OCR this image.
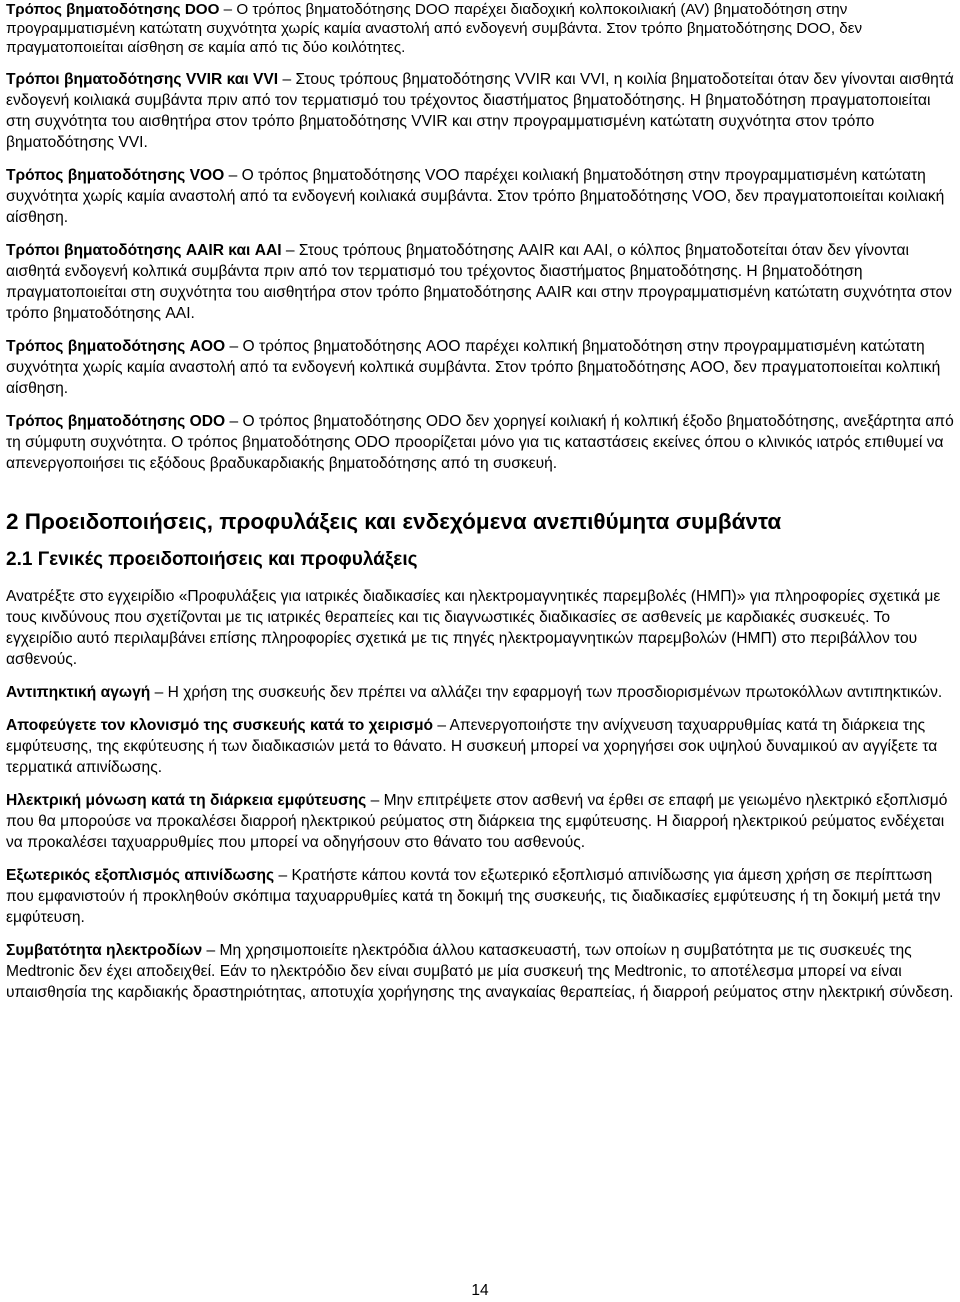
Τρόπος βηματοδότησης DOO – Ο τρόπος βηματοδότησης DOO παρέχει διαδοχική κολποκοιλιακή (AV) βηματοδότηση στην προγραμματισμένη κατώτατη συχνότητα χωρίς καμία αναστολή από ενδογενή συμβάντα. Στον τρόπο βηματοδότησης DOO, δεν πραγματοποιείται αίσθηση σε καμία από τις δύο κοιλότητες.

Τρόποι βηματοδότησης VVIR και VVI – Στους τρόπους βηματοδότησης VVIR και VVI, η κοιλία βηματοδοτείται όταν δεν γίνονται αισθητά ενδογενή κοιλιακά συμβάντα πριν από τον τερματισμό του τρέχοντος διαστήματος βηματοδότησης. Η βηματοδότηση πραγματοποιείται στη συχνότητα του αισθητήρα στον τρόπο βηματοδότησης VVIR και στην προγραμματισμένη κατώτατη συχνότητα στον τρόπο βηματοδότησης VVI.

Τρόπος βηματοδότησης VOO – Ο τρόπος βηματοδότησης VOO παρέχει κοιλιακή βηματοδότηση στην προγραμματισμένη κατώτατη συχνότητα χωρίς καμία αναστολή από τα ενδογενή κοιλιακά συμβάντα. Στον τρόπο βηματοδότησης VOO, δεν πραγματοποιείται κοιλιακή αίσθηση.

Τρόποι βηματοδότησης AAIR και AAI – Στους τρόπους βηματοδότησης AAIR και AAI, ο κόλπος βηματοδοτείται όταν δεν γίνονται αισθητά ενδογενή κολπικά συμβάντα πριν από τον τερματισμό του τρέχοντος διαστήματος βηματοδότησης. Η βηματοδότηση πραγματοποιείται στη συχνότητα του αισθητήρα στον τρόπο βηματοδότησης AAIR και στην προγραμματισμένη κατώτατη συχνότητα στον τρόπο βηματοδότησης AAI.

Τρόπος βηματοδότησης AOO – Ο τρόπος βηματοδότησης AOO παρέχει κολπική βηματοδότηση στην προγραμματισμένη κατώτατη συχνότητα χωρίς καμία αναστολή από τα ενδογενή κολπικά συμβάντα. Στον τρόπο βηματοδότησης AOO, δεν πραγματοποιείται κολπική αίσθηση.

Τρόπος βηματοδότησης ODO – Ο τρόπος βηματοδότησης ODO δεν χορηγεί κοιλιακή ή κολπική έξοδο βηματοδότησης, ανεξάρτητα από τη σύμφυτη συχνότητα. Ο τρόπος βηματοδότησης ODO προορίζεται μόνο για τις καταστάσεις εκείνες όπου ο κλινικός ιατρός επιθυμεί να απενεργοποιήσει τις εξόδους βραδυκαρδιακής βηματοδότησης από τη συσκευή.

2 Προειδοποιήσεις, προφυλάξεις και ενδεχόμενα ανεπιθύμητα συμβάντα
2.1 Γενικές προειδοποιήσεις και προφυλάξεις

Ανατρέξτε στο εγχειρίδιο «Προφυλάξεις για ιατρικές διαδικασίες και ηλεκτρομαγνητικές παρεμβολές (ΗΜΠ)» για πληροφορίες σχετικά με τους κινδύνους που σχετίζονται με τις ιατρικές θεραπείες και τις διαγνωστικές διαδικασίες σε ασθενείς με καρδιακές συσκευές. Το εγχειρίδιο αυτό περιλαμβάνει επίσης πληροφορίες σχετικά με τις πηγές ηλεκτρομαγνητικών παρεμβολών (ΗΜΠ) στο περιβάλλον του ασθενούς.

Αντιπηκτική αγωγή – Η χρήση της συσκευής δεν πρέπει να αλλάζει την εφαρμογή των προσδιορισμένων πρωτοκόλλων αντιπηκτικών.

Αποφεύγετε τον κλονισμό της συσκευής κατά το χειρισμό – Απενεργοποιήστε την ανίχνευση ταχυαρρυθμίας κατά τη διάρκεια της εμφύτευσης, της εκφύτευσης ή των διαδικασιών μετά το θάνατο. Η συσκευή μπορεί να χορηγήσει σοκ υψηλού δυναμικού αν αγγίξετε τα τερματικά απινίδωσης.

Ηλεκτρική μόνωση κατά τη διάρκεια εμφύτευσης – Μην επιτρέψετε στον ασθενή να έρθει σε επαφή με γειωμένο ηλεκτρικό εξοπλισμό που θα μπορούσε να προκαλέσει διαρροή ηλεκτρικού ρεύματος στη διάρκεια της εμφύτευσης. Η διαρροή ηλεκτρικού ρεύματος ενδέχεται να προκαλέσει ταχυαρρυθμίες που μπορεί να οδηγήσουν στο θάνατο του ασθενούς.

Εξωτερικός εξοπλισμός απινίδωσης – Κρατήστε κάπου κοντά τον εξωτερικό εξοπλισμό απινίδωσης για άμεση χρήση σε περίπτωση που εμφανιστούν ή προκληθούν σκόπιμα ταχυαρρυθμίες κατά τη δοκιμή της συσκευής, τις διαδικασίες εμφύτευσης ή τη δοκιμή μετά την εμφύτευση.

Συμβατότητα ηλεκτροδίων – Μη χρησιμοποιείτε ηλεκτρόδια άλλου κατασκευαστή, των οποίων η συμβατότητα με τις συσκευές της Medtronic δεν έχει αποδειχθεί. Εάν το ηλεκτρόδιο δεν είναι συμβατό με μία συσκευή της Medtronic, το αποτέλεσμα μπορεί να είναι υπαισθησία της καρδιακής δραστηριότητας, αποτυχία χορήγησης της αναγκαίας θεραπείας, ή διαρροή ρεύματος στην ηλεκτρική σύνδεση.

14
